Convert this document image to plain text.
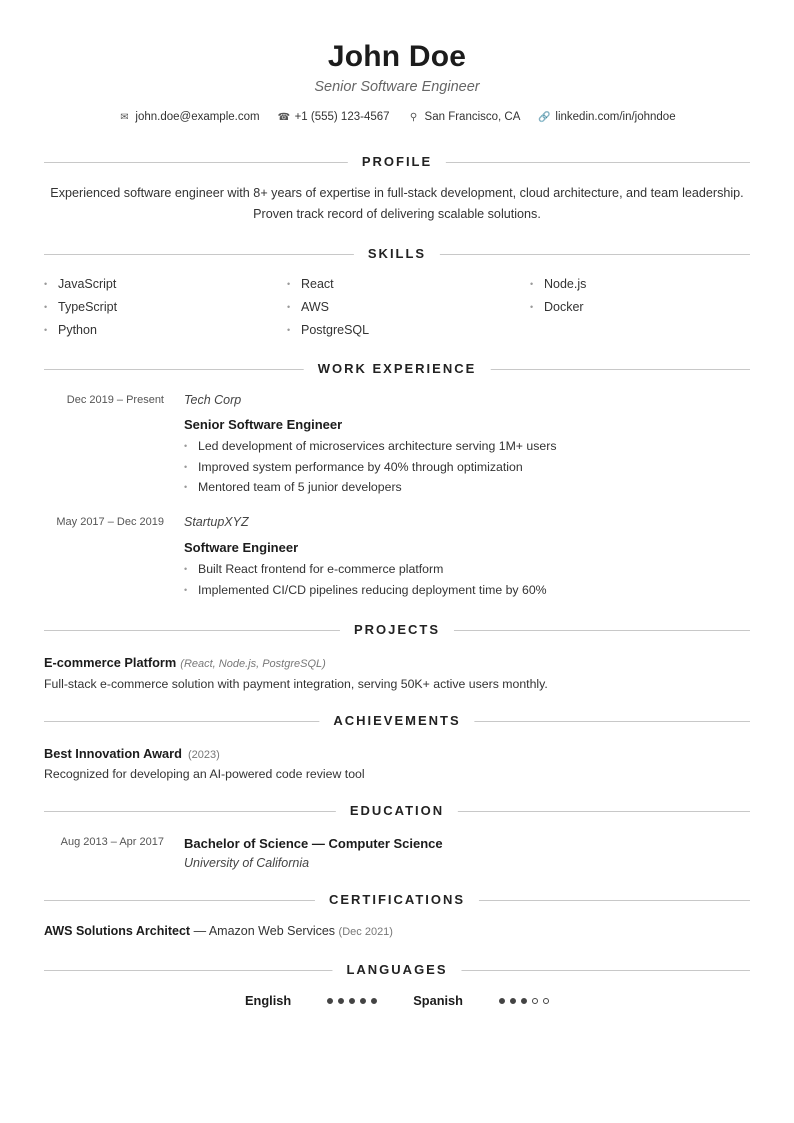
John Doe
Senior Software Engineer
✉ john.doe@example.com ☎ +1 (555) 123-4567 ⚲ San Francisco, CA 🔗 linkedin.com/in/johndoe
PROFILE
Experienced software engineer with 8+ years of expertise in full-stack development, cloud architecture, and team leadership.
Proven track record of delivering scalable solutions.
SKILLS
• JavaScript	• React	• Node.js
• TypeScript	• AWS	• Docker
• Python	• PostgreSQL
WORK EXPERIENCE
Dec 2019 – Present Tech Corp
Senior Software Engineer
• Led development of microservices architecture serving 1M+ users
• Improved system performance by 40% through optimization
• Mentored team of 5 junior developers
May 2017 – Dec 2019 StartupXYZ
Software Engineer
• Built React frontend for e-commerce platform
• Implemented CI/CD pipelines reducing deployment time by 60%
PROJECTS
E-commerce Platform (React, Node.js, PostgreSQL)
Full-stack e-commerce solution with payment integration, serving 50K+ active users monthly.
ACHIEVEMENTS
Best Innovation Award (2023)
Recognized for developing an AI-powered code review tool
EDUCATION
Aug 2013 – Apr 2017 Bachelor of Science — Computer Science
University of California
CERTIFICATIONS
AWS Solutions Architect — Amazon Web Services (Dec 2021)
LANGUAGES
English	Spanish
